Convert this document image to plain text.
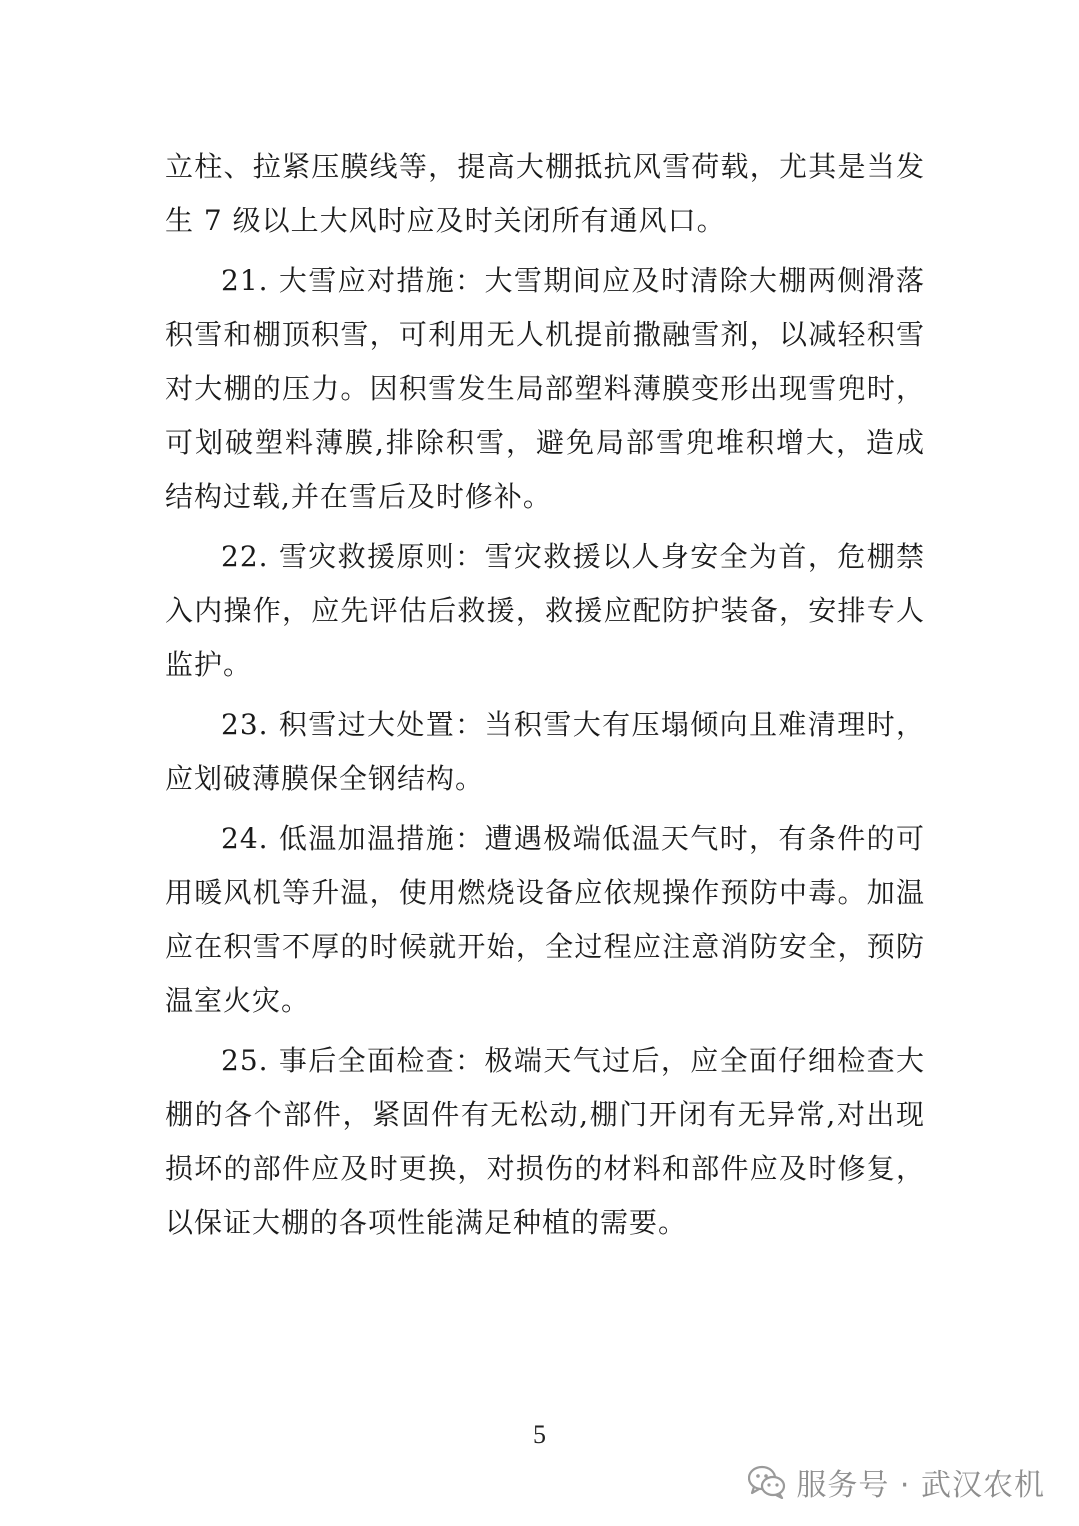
立柱、拉紧压膜线等，提高大棚抵抗风雪荷载，尤其是当发生 7 级以上大风时应及时关闭所有通风口。

21. 大雪应对措施：大雪期间应及时清除大棚两侧滑落积雪和棚顶积雪，可利用无人机提前撒融雪剂，以减轻积雪对大棚的压力。因积雪发生局部塑料薄膜变形出现雪兜时，可划破塑料薄膜,排除积雪，避免局部雪兜堆积增大，造成结构过载,并在雪后及时修补。

22. 雪灾救援原则：雪灾救援以人身安全为首，危棚禁入内操作，应先评估后救援，救援应配防护装备，安排专人监护。

23. 积雪过大处置：当积雪大有压塌倾向且难清理时，应划破薄膜保全钢结构。

24. 低温加温措施：遭遇极端低温天气时，有条件的可用暖风机等升温，使用燃烧设备应依规操作预防中毒。加温应在积雪不厚的时候就开始，全过程应注意消防安全，预防温室火灾。

25. 事后全面检查：极端天气过后，应全面仔细检查大棚的各个部件，紧固件有无松动,棚门开闭有无异常,对出现损坏的部件应及时更换，对损伤的材料和部件应及时修复，以保证大棚的各项性能满足种植的需要。

5
服务号 · 武汉农机
